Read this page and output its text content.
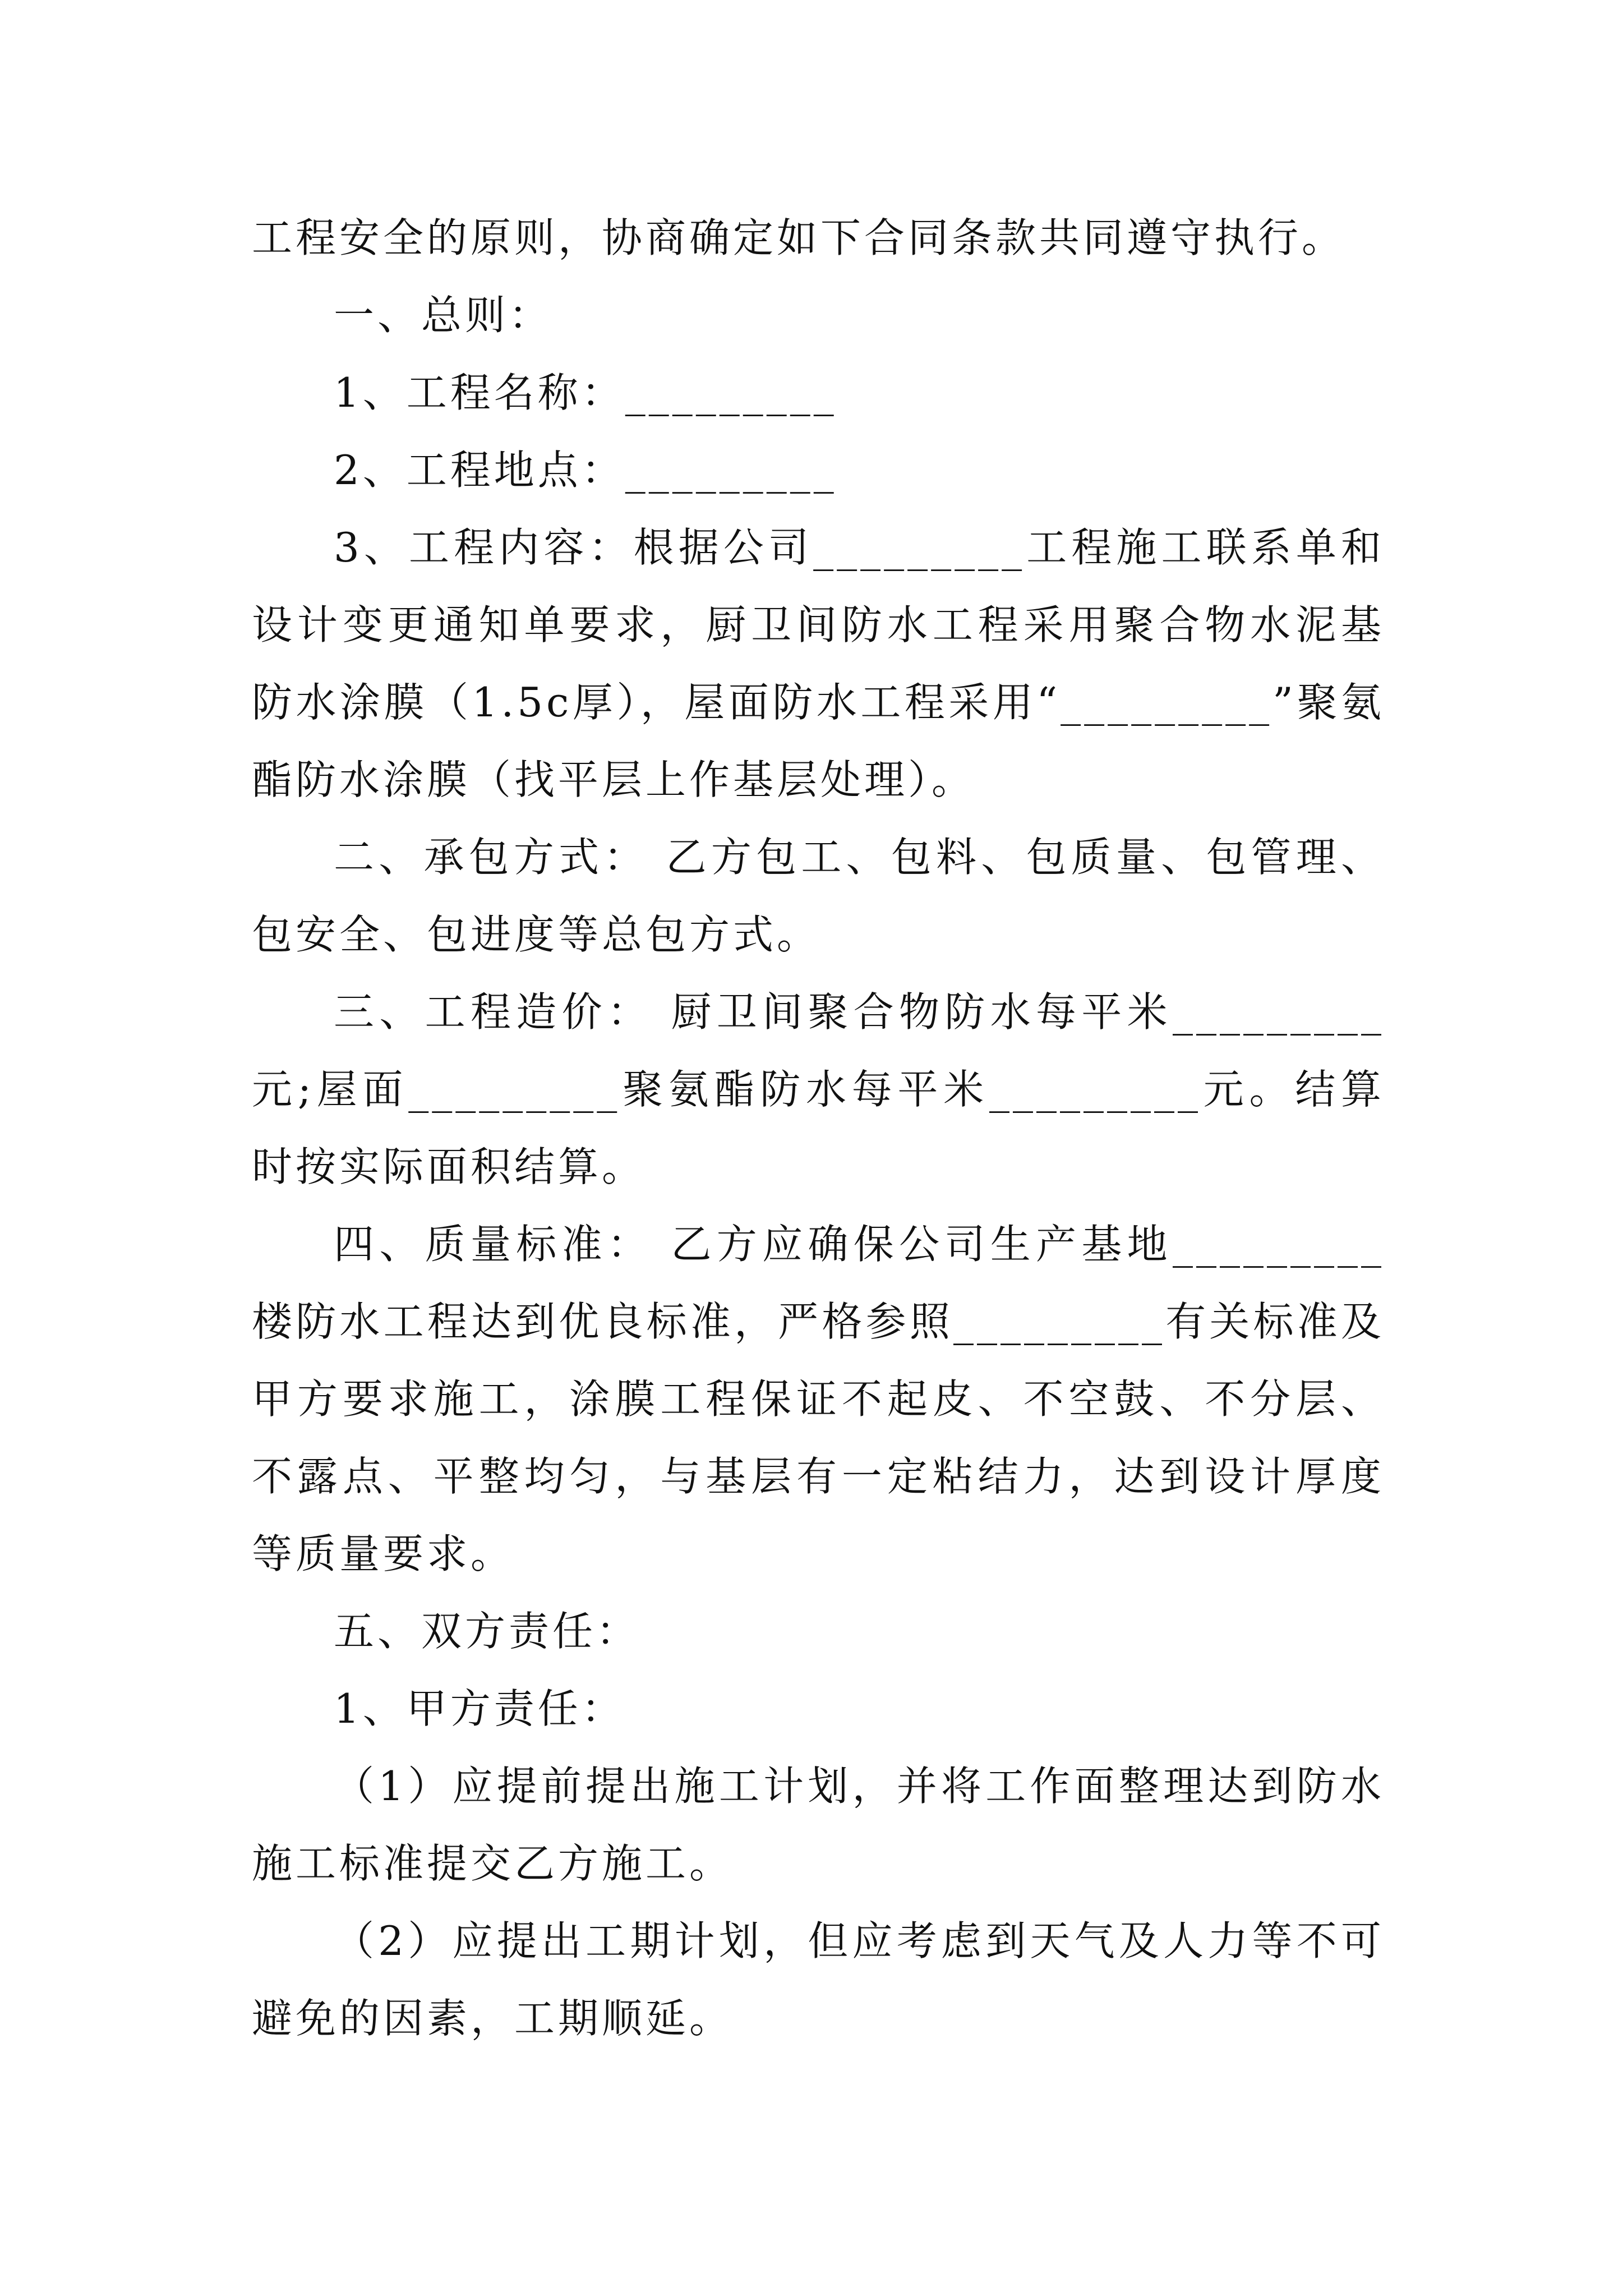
工程安全的原则，协商确定如下合同条款共同遵守执行。

一、总则：

1、工程名称：_________

2、工程地点：_________

3、工程内容：根据公司_________工程施工联系单和设计变更通知单要求，厨卫间防水工程采用聚合物水泥基防水涂膜（1.5c厚），屋面防水工程采用“_________”聚氨酯防水涂膜（找平层上作基层处理）。

二、承包方式： 乙方包工、包料、包质量、包管理、包安全、包进度等总包方式。

三、工程造价： 厨卫间聚合物防水每平米_________元;屋面_________聚氨酯防水每平米_________元。结算时按实际面积结算。

四、质量标准： 乙方应确保公司生产基地_________楼防水工程达到优良标准，严格参照_________有关标准及甲方要求施工，涂膜工程保证不起皮、不空鼓、不分层、不露点、平整均匀，与基层有一定粘结力，达到设计厚度等质量要求。

五、双方责任：

1、甲方责任：

（1）应提前提出施工计划，并将工作面整理达到防水施工标准提交乙方施工。

（2）应提出工期计划，但应考虑到天气及人力等不可避免的因素，工期顺延。
